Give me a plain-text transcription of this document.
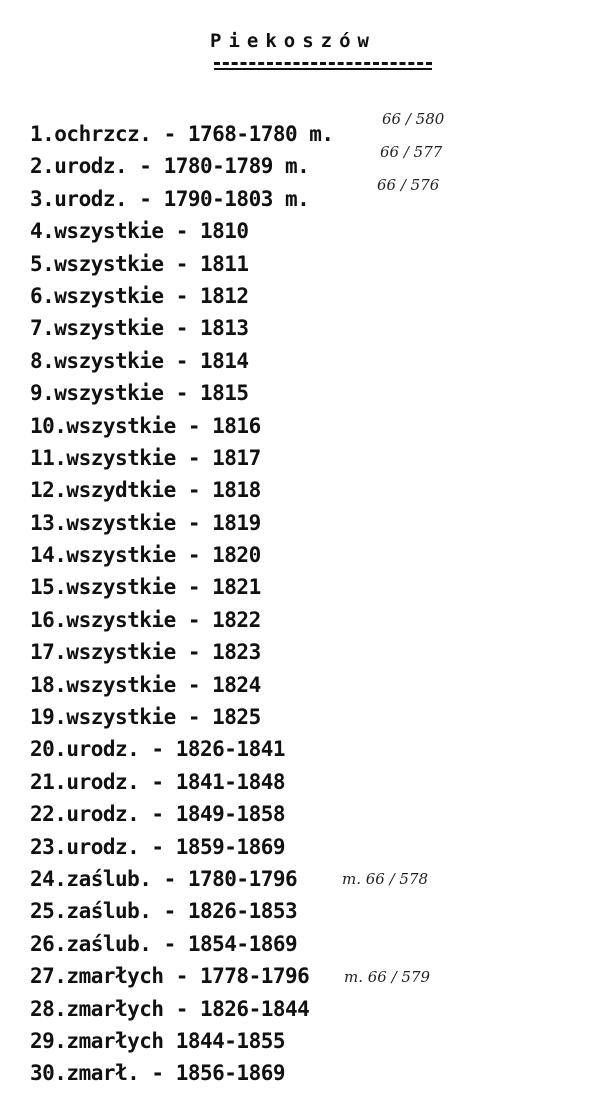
Piekoszów
1.ochrzcz. - 1768-1780 m.
2.urodz. - 1780-1789 m.
3.urodz. - 1790-1803 m.
4.wszystkie - 1810
5.wszystkie - 1811
6.wszystkie - 1812
7.wszystkie - 1813
8.wszystkie - 1814
9.wszystkie - 1815
10.wszystkie - 1816
11.wszystkie - 1817
12.wszydtkie - 1818
13.wszystkie - 1819
14.wszystkie - 1820
15.wszystkie - 1821
16.wszystkie - 1822
17.wszystkie - 1823
18.wszystkie - 1824
19.wszystkie - 1825
20.urodz. - 1826-1841
21.urodz. - 1841-1848
22.urodz. - 1849-1858
23.urodz. - 1859-1869
24.zaślub. - 1780-1796
25.zaślub. - 1826-1853
26.zaślub. - 1854-1869
27.zmarłych - 1778-1796
28.zmarłych - 1826-1844
29.zmarłych 1844-1855
30.zmarł. - 1856-1869
66 / 580
66 / 577
66 / 576
m. 66 / 578
m. 66 / 579
